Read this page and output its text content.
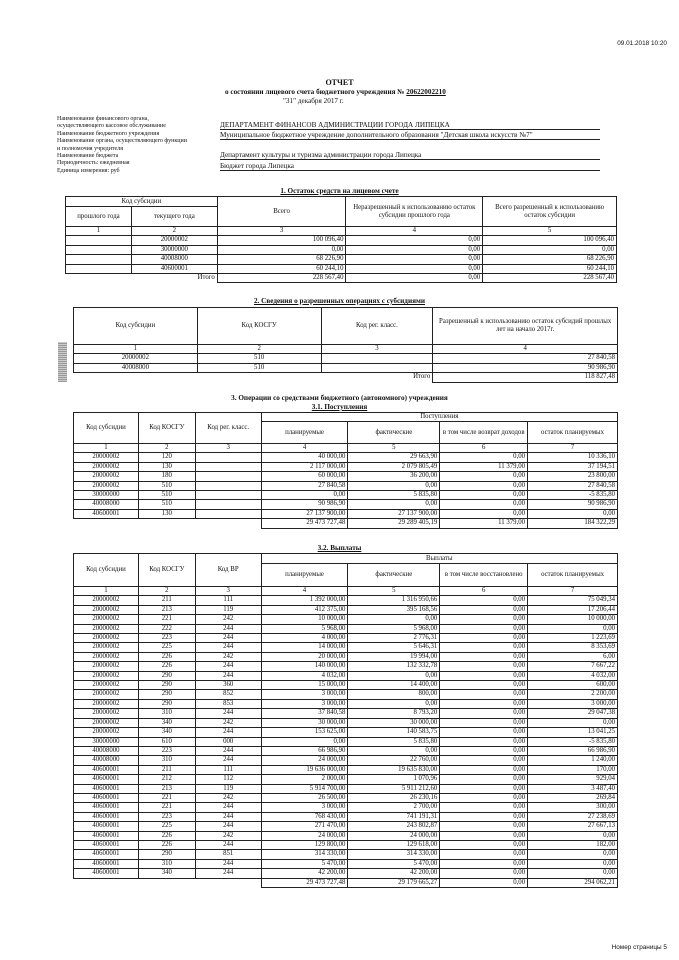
09.01.2018 10:20
ОТЧЕТ
о состоянии лицевого счета бюджетного учреждения № 20622002210
"31" декабря 2017 г.
Наименование финансового органа,
осуществляющего кассовое обслуживание
Наименование бюджетного учреждения
Наименование органа, осуществляющего функции
и полномочия учредителя
Наименование бюджета
Периодичность: ежедневная
Единица измерения: руб
ДЕПАРТАМЕНТ ФИНАНСОВ АДМИНИСТРАЦИИ ГОРОДА ЛИПЕЦКА
Муниципальное бюджетное учреждение дополнительного образования "Детская школа искусств №7"
Департамент культуры и туризма администрации города Липецка
Бюджет города Липецка
1. Остаток средств на лицевом счете
Код субсидии		Всего	Неразрешенный к использованию остаток субсидии прошлого года	Всего разрешенный к использованию остаток субсидии
прошлого года	текущего года			
1	2	3	4	5
	20000002	100 096,40	0,00	100 096,40
	30000000	0,00	0,00	0,00
	40008000	68 226,90	0,00	68 226,90
	40600001	60 244,10	0,00	60 244,10
	Итого	228 567,40	0,00	228 567,40
2. Сведения о разрешенных операциях с субсидиями
Код субсидии	Код КОСГУ	Код рег. класс.	Разрешенный к использованию остаток субсидий прошлых лет на начало 2017г.
1	2	3	4
20000002	510		27 840,58
40008000	510		90 986,90
		Итого	118 827,48
3. Операции со средствами бюджетного (автономного) учреждения
3.1. Поступления
Код субсидии	Код КОСГУ	Код рег. класс.	Поступления			
			планируемые	фактические	в том числе возврат доходов	остаток планируемых
1	2	3	4	5	6	7
20000002	120		40 000,00	29 663,90	0,00	10 336,10
20000002	130		2 117 000,00	2 079 805,49	11 379,00	37 194,51
20000002	180		60 000,00	36 200,00	0,00	23 800,00
20000002	510		27 840,58	0,00	0,00	27 840,58
30000000	510		0,00	5 835,80	0,00	-5 835,80
40008000	510		90 986,90	0,00	0,00	90 986,90
40600001	130		27 137 900,00	27 137 900,00	0,00	0,00
			29 473 727,48	29 289 405,19	11 379,00	184 322,29
3.2. Выплаты
Код субсидии	Код КОСГУ	Код ВР	Выплаты			
			планируемые	фактические	в том числе восстановлено	остаток планируемых
1	2	3	4	5	6	7
20000002	211	111	1 392 000,00	1 316 950,66	0,00	75 049,34
20000002	213	119	412 375,00	395 168,56	0,00	17 206,44
20000002	221	242	10 000,00	0,00	0,00	10 000,00
20000002	222	244	5 968,00	5 968,00	0,00	0,00
20000002	223	244	4 000,00	2 776,31	0,00	1 223,69
20000002	225	244	14 000,00	5 646,31	0,00	8 353,69
20000002	226	242	20 000,00	19 994,00	0,00	6,00
20000002	226	244	140 000,00	132 332,78	0,00	7 667,22
20000002	290	244	4 032,00	0,00	0,00	4 032,00
20000002	290	360	15 000,00	14 400,00	0,00	600,00
20000002	290	852	3 000,00	800,00	0,00	2 200,00
20000002	290	853	3 000,00	0,00	0,00	3 000,00
20000002	310	244	37 840,58	8 793,20	0,00	29 047,38
20000002	340	242	30 000,00	30 000,00	0,00	0,00
20000002	340	244	153 625,00	140 583,75	0,00	13 041,25
30000000	610	000	0,00	5 835,80	0,00	-5 835,80
40008000	223	244	66 986,90	0,00	0,00	66 986,90
40008000	310	244	24 000,00	22 760,00	0,00	1 240,00
40600001	211	111	19 636 000,00	19 635 830,00	0,00	170,00
40600001	212	112	2 000,00	1 070,96	0,00	929,04
40600001	213	119	5 914 700,00	5 911 212,60	0,00	3 487,40
40600001	221	242	26 500,00	26 230,16	0,00	269,84
40600001	221	244	3 000,00	2 700,00	0,00	300,00
40600001	223	244	768 430,00	741 191,31	0,00	27 238,69
40600001	225	244	271 470,00	243 802,87	0,00	27 667,13
40600001	226	242	24 000,00	24 000,00	0,00	0,00
40600001	226	244	129 800,00	129 618,00	0,00	182,00
40600001	290	851	314 330,00	314 330,00	0,00	0,00
40600001	310	244	5 470,00	5 470,00	0,00	0,00
40600001	340	244	42 200,00	42 200,00	0,00	0,00
			29 473 727,48	29 179 665,27	0,00	294 062,21
Номер страницы 5
